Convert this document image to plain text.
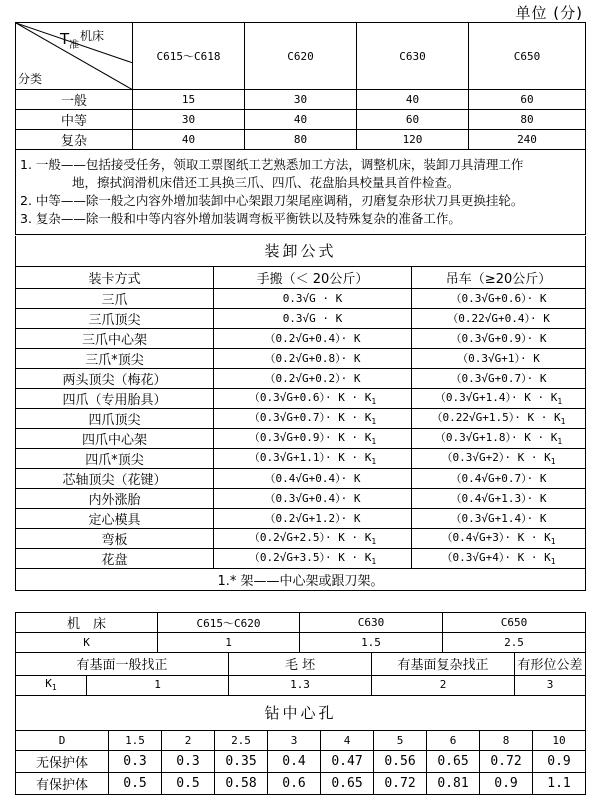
单位 (分)
$T_准$
机床
分类	C615～C618	C620	C630	C650
一般	15	30	40	60
中等	30	40	60	80
复杂	40	80	120	240

1. 一般——包括接受任务，领取工票图纸工艺熟悉加工方法，调整机床，装卸刀具清理工作

地，擦拭润滑机床借还工具换三爪、四爪、花盘胎具校量具首件检查。

2. 中等——除一般之内容外增加装卸中心架跟刀架尾座调稍，刃磨复杂形状刀具更换挂轮。

3. 复杂——除一般和中等内容外增加装调弯板平衡铁以及特殊复杂的准备工作。				

装卸公式		
装卡方式	手搬（＜ 20公斤）	吊车（≥20公斤）
三爪	0.3√G · K	（0.3√G+0.6）· K
三爪顶尖	0.3√G · K	（0.22√G+0.4）· K
三爪中心架	（0.2√G+0.4）· K	（0.3√G+0.9）· K
三爪*顶尖	（0.2√G+0.8）· K	（0.3√G+1）· K
两头顶尖（梅花）	（0.2√G+0.2）· K	（0.3√G+0.7）· K
四爪（专用胎具）	$(0.3√G+0.6)\cdot K \cdot K_1$	$(0.3√G+1.4)\cdot K \cdot K_1$
四爪顶尖	$(0.3√G+0.7)\cdot K \cdot K_1$	$(0.22√G+1.5)\cdot K \cdot K_1$
四爪中心架	$(0.3√G+0.9)\cdot K \cdot K_1$	$(0.3√G+1.8)\cdot K \cdot K_1$
四爪*顶尖	$(0.3√G+1.1)\cdot K \cdot K_1$	$(0.3√G+2)\cdot K \cdot K_1$
芯轴顶尖（花键）	（0.4√G+0.4）· K	（0.4√G+0.7）· K
内外涨胎	（0.3√G+0.4）· K	（0.4√G+1.3）· K
定心模具	（0.2√G+1.2）· K	（0.3√G+1.4）· K
弯板	$(0.2√G+2.5)\cdot K \cdot K_1$	$(0.4√G+3)\cdot K \cdot K_1$
花盘	$(0.2√G+3.5)\cdot K \cdot K_1$	$(0.3√G+4)\cdot K \cdot K_1$
1.* 架——中心架或跟刀架。		
机　床	C615～C620	C630	C650
K	1	1.5	2.5
有基面一般找正	毛 坯	有基面复杂找正	有形位公差
$K_1$	1	1.3	2	3
钻中心孔									
D	1.5	2	2.5	3	4	5	6	8	10
无保护体	0.3	0.3	0.35	0.4	0.47	0.56	0.65	0.72	0.9
有保护体	0.5	0.5	0.58	0.6	0.65	0.72	0.81	0.9	1.1
